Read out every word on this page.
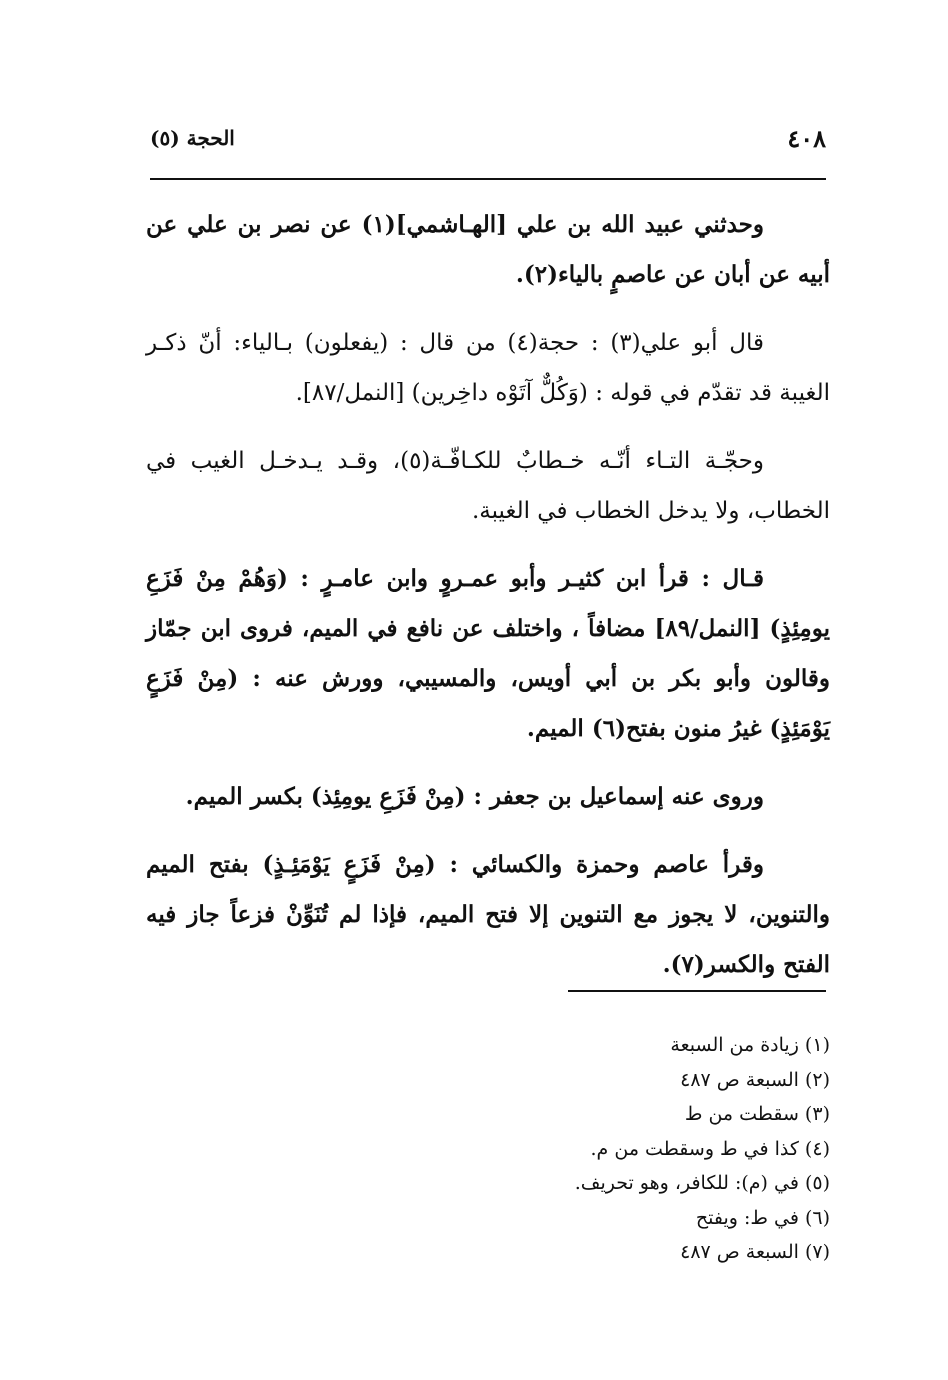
٤٠٨
الحجة (٥)

وحدثني عبيد الله بن علي [الهـاشمي](١) عن نصر بن علي عن أبيه عن أبان عن عاصمٍ بالياء(٢).

قال أبو علي(٣) : حجة(٤) من قال : (يفعلون) بـالياء: أنّ ذكـر الغيبة قد تقدّم في قوله : (وَكُلٌّ آتَوْه داخِرين) [النمل/٨٧].

وحجّـة التـاء أنّـه خـطابٌ للكـافّـة(٥)، وقـد يـدخـل الغيب في الخطاب، ولا يدخل الخطاب في الغيبة.

قـال : قرأ ابن كثيـر وأبو عمـروٍ وابن عامـرٍ : (وَهُمْ مِنْ فَزَعِ يومِئِذٍ) [النمل/٨٩] مضافاً ، واختلف عن نافع في الميم، فروى ابن جمّاز وقالون وأبو بكر بن أبي أويس، والمسيبي، وورش عنه : (مِنْ فَزَعٍ يَوْمَئِذٍ) غيرُ منون بفتح(٦) الميم.

وروى عنه إسماعيل بن جعفر : (مِنْ فَزَعِ يومِئِذ) بكسر الميم.

وقرأ عاصم وحمزة والكسائي : (مِنْ فَزَعٍ يَوْمَئِـذٍ) بفتح الميم والتنوين، لا يجوز مع التنوين إلا فتح الميم، فإذا لم تُنَوِّنْ فزعاً جاز فيه الفتح والكسر(٧).

(١) زيادة من السبعة
(٢) السبعة ص ٤٨٧
(٣) سقطت من ط
(٤) كذا في ط وسقطت من م.
(٥) في (م): للكافر، وهو تحريف.
(٦) في ط: ويفتح
(٧) السبعة ص ٤٨٧
